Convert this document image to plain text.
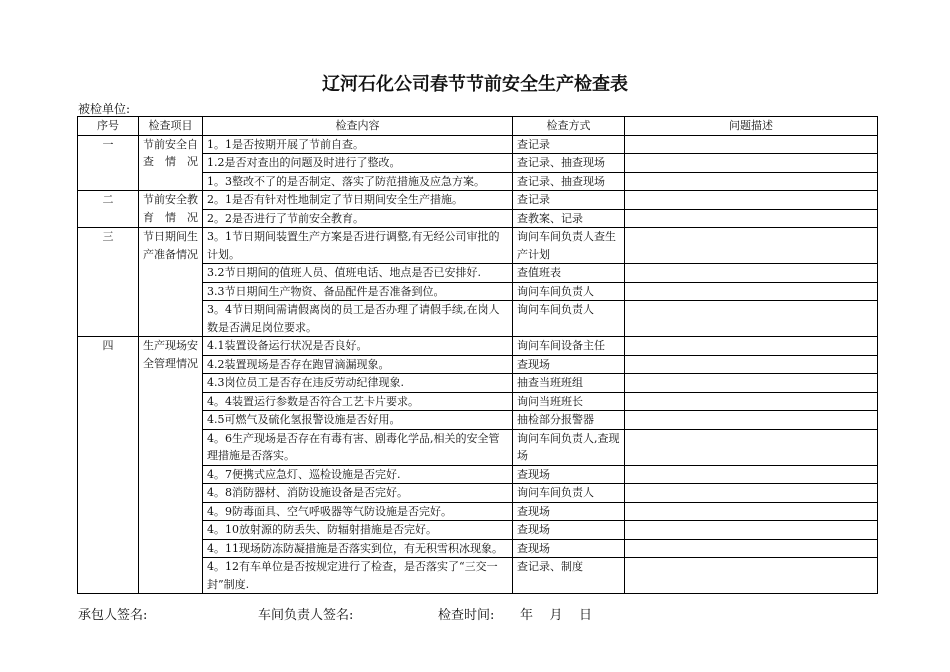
辽河石化公司春节节前安全生产检查表
被检单位:
序号	检查项目	检查内容	检查方式	问题描述
一	节前安全自查情况	1。1是否按期开展了节前自查。	查记录	
		1.2是否对查出的问题及时进行了整改。	查记录、抽查现场	
		1。3整改不了的是否制定、落实了防范措施及应急方案。	查记录、抽查现场	
二	节前安全教育情况	2。1是否有针对性地制定了节日期间安全生产措施。	查记录	
		2。2是否进行了节前安全教育。	查教案、记录	
三	节日期间生产准备情况	3。1节日期间装置生产方案是否进行调整,有无经公司审批的计划。	询问车间负责人查生产计划	
		3.2节日期间的值班人员、值班电话、地点是否已安排好.	查值班表	
		3.3节日期间生产物资、备品配件是否准备到位。	询问车间负责人	
		3。4节日期间需请假离岗的员工是否办理了请假手续,在岗人数是否满足岗位要求。	询问车间负责人	
四	生产现场安全管理情况	4.1装置设备运行状况是否良好。	询问车间设备主任	
		4.2装置现场是否存在跑冒滴漏现象。	查现场	
		4.3岗位员工是否存在违反劳动纪律现象.	抽查当班班组	
		4。4装置运行参数是否符合工艺卡片要求。	询问当班班长	
		4.5可燃气及硫化氢报警设施是否好用。	抽检部分报警器	
		4。6生产现场是否存在有毒有害、剧毒化学品,相关的安全管理措施是否落实。	询问车间负责人,查现场	
		4。7便携式应急灯、巡检设施是否完好.	查现场	
		4。8消防器材、消防设施设备是否完好。	询问车间负责人	
		4。9防毒面具、空气呼吸器等气防设施是否完好。	查现场	
		4。10放射源的防丢失、防辐射措施是否完好。	查现场	
		4。11现场防冻防凝措施是否落实到位，有无积雪积冰现象。	查现场	
		4。12有车单位是否按规定进行了检查，是否落实了“三交一封”制度.	查记录、制度	
承包人签名:	车间负责人签名:	检查时间: 年    月    日
